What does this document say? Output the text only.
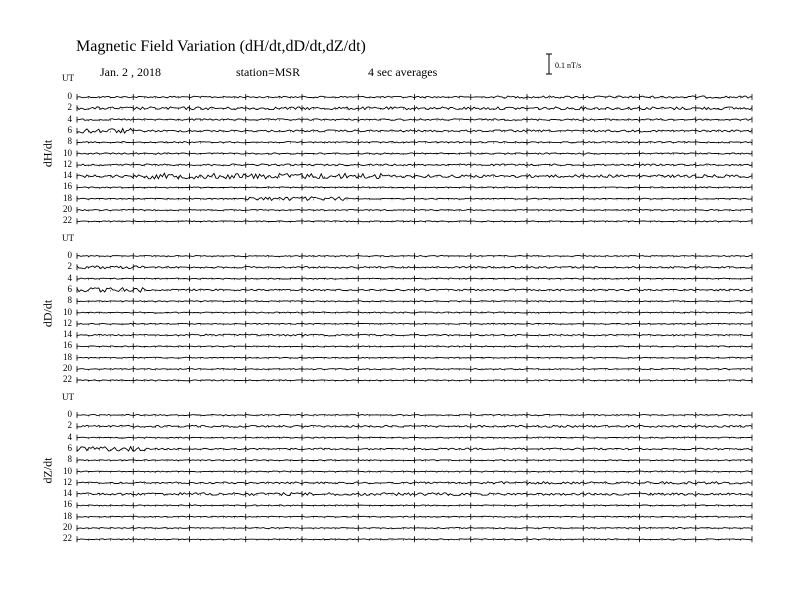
Magnetic Field Variation (dH/dt,dD/dt,dZ/dt)
Jan. 2 , 2018	station=MSR	4 sec averages	0.1 nT/s
UT
dH/dt
0
2
4
6
8
10
12
14
16
18
20
22
UT
dD/dt
0
2
4
6
8
10
12
14
16
18
20
22
UT
dZ/dt
0
2
4
6
8
10
12
14
16
18
20
22
